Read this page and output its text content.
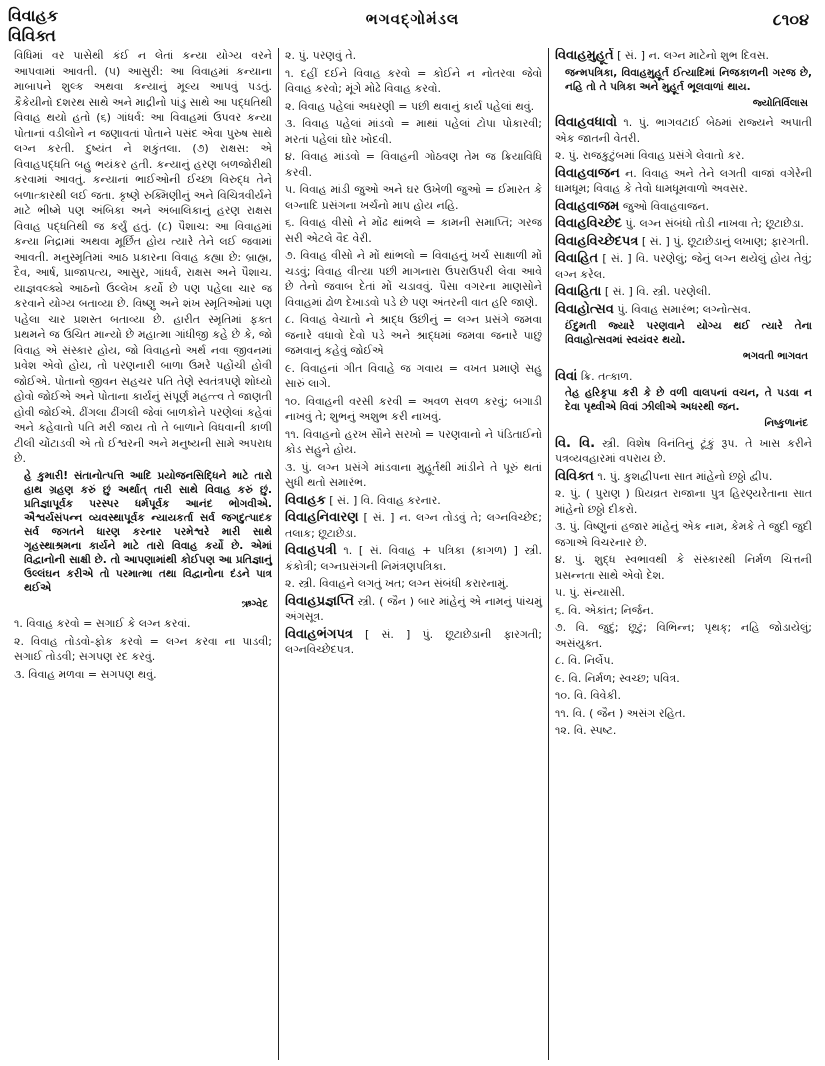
વિવાહક
વિવિક્ત
ભગવદ્ગોમંડલ	૮૧૦૪

વિધિમાં વર પાસેથી કંઈ ન લેતાં કન્યા યોગ્ય વરને આપવામાં આવતી. (૫) આસુરી: આ વિવાહમાં કન્યાના માબાપને શુલ્ક અથવા કન્યાનું મૂલ્ય આપવું પડતું. કૈકેયીનો દશરથ સાથે અને માદ્રીનો પાંડુ સાથે આ પદ્ધતિથી વિવાહ થયો હતો (૬) ગાંધર્વ: આ વિવાહમાં ઉપવર કન્યા પોતાનાં વડીલોને ન જણાવતાં પોતાને પસંદ એવા પુરુષ સાથે લગ્ન કરતી. દુષ્યંત ને શકુંતલા. (૭) રાક્ષસ: એ વિવાહપદ્ધતિ બહુ ભયંકર હતી. કન્યાનું હરણ બળજોરીથી કરવામાં આવતું. કન્યાનાં ભાઈઓની ઈચ્છા વિરુદ્ધ તેને બળાત્કારથી લઈ જતા. કૃષ્ણે રુક્મિણીનું અને વિચિત્રવીર્યને માટે ભીષ્મે પણ અંબિકા અને અંબાલિકાનું હરણ રાક્ષસ વિવાહ પદ્ધતિથી જ કર્યું હતું. (૮) પૈશાચ: આ વિવાહમાં કન્યા નિદ્રામાં અથવા મૂર્છિત હોય ત્યારે તેને લઈ જવામાં આવતી. મનુસ્મૃતિમાં આઠ પ્રકારના વિવાહ કહ્યા છે: બ્રાહ્મ, દૈવ, આર્ષ, પ્રાજાપત્ય, આસુર, ગાંધર્વ, રાક્ષસ અને પૈશાચ. યાજ્ઞવલ્ક્યે આઠનો ઉલ્લેખ કર્યો છે પણ પહેલા ચાર જ કરવાને યોગ્ય બતાવ્યા છે. વિષ્ણુ અને શંખ સ્મૃતિઓમાં પણ પહેલા ચાર પ્રશસ્ત બતાવ્યા છે. હારીત સ્મૃતિમાં ફક્ત પ્રથમને જ ઉચિત માન્યો છે મહાત્મા ગાંધીજી કહે છે કે, જો વિવાહ એ સંસ્કાર હોય, જો વિવાહનો અર્થ નવા જીવનમાં પ્રવેશ એવો હોય, તો પરણનારી બાળા ઉમરે પહોંચી હોવી જોઈએ. પોતાનો જીવન સહચર પતિ તેણે સ્વતંત્રપણે શોધ્યો હોવો જોઈએ અને પોતાના કાર્યનું સંપૂર્ણ મહત્ત્વ તે જાણતી હોવી જોઈએ. ઢીંગલા ઢીંગલી જેવાં બાળકોને પરણેલાં કહેવાં અને કહેવાતો પતિ મરી જાય તો તે બાળાને વિધવાની કાળી ટીલી ચોંટાડવી એ તો ઈશ્વરની અને મનુષ્યની સામે અપરાધ છે.

હે કુમારી! સંતાનોત્પત્તિ આદિ પ્રયોજનસિદ્ધિને માટે તારો હાથ ગ્રહણ કરું છું અર્થાત્ તારી સાથે વિવાહ કરું છું. પ્રતિજ્ઞાપૂર્વક પરસ્પર ધર્મપૂર્વક આનંદ ભોગવીએ. ઐશ્વર્યસંપન્ન વ્યવસ્થાપૂર્વક ન્યાયકર્તા સર્વ જગદુત્પાદક સર્વ જગતને ધારણ કરનાર પરમેશ્વરે મારી સાથે ગૃહસ્થાશ્રમના કાર્યને માટે તારો વિવાહ કર્યો છે. એમાં વિદ્વાનોની સાક્ષી છે. તો આપણામાંથી કોઈપણ આ પ્રતિજ્ઞાનું ઉલ્લંઘન કરીએ તો પરમાત્મા તથા વિદ્વાનોના દંડને પાત્ર થઈએ
ઋગ્વેદ

૧. વિવાહ કરવો = સગાઈ કે લગ્ન કરવાં.

૨. વિવાહ તોડવો-ફોક કરવો = લગ્ન કરવા ના પાડવી; સગાઈ તોડવી; સગપણ રદ કરવું.

૩. વિવાહ મળવા = સગપણ થવું.

૨. પું. પરણવું તે.

૧. દહીં દઈને વિવાહ કરવો = કોઈને ન નોતરવા જેવો વિવાહ કરવો; મૂંગે મોઢે વિવાહ કરવો.

૨. વિવાહ પહેલાં અધરણી = પછી થવાનું કાર્ય પહેલાં થવું.

૩. વિવાહ પહેલાં માંડવો = માથાં પહેલાં ટોપા પોકારવી; મરતાં પહેલાં ઘોર ખોદવી.

૪. વિવાહ માંડવો = વિવાહની ગોઠવણ તેમ જ ક્રિયાવિધિ કરવી.

૫. વિવાહ માંડી જુઓ અને ઘર ઉખેળી જુઓ = ઈમારત કે લગ્નાદિ પ્રસંગના ખર્ચનો માપ હોય નહિ.

૬. વિવાહ વીસો ને મોંઢ થાંભલે = કામની સમાપ્તિ; ગરજ સરી એટલે વૈદ વેરી.

૭. વિવાહ વીસો ને મોં થાંભલો = વિવાહનું ખર્ચ સાક્ષાળી મોં ચડવું; વિવાહ વીત્યા પછી માગનારા ઉપરાઉપરી લેવા આવે છે તેનો જવાબ દેતાં મોં ચડાવવું. પૈસા વગરના માણસોને વિવાહમાં ઢોળ દેખાડવો પડે છે પણ અંતરની વાત હરિ જાણે.

૮. વિવાહ વેચાતો ને શ્રાદ્ધ ઉછીનું = લગ્ન પ્રસંગે જમવા જનારે વધાવો દેવો પડે અને શ્રાદ્ધમાં જમવા જનારે પાછું જમવાનું કહેવું જોઈએ

૯. વિવાહનાં ગીત વિવાહે જ ગવાય = વખત પ્રમાણે સહુ સારું લાગે.

૧૦. વિવાહની વરસી કરવી = અવળ સવળ કરવું; બગાડી નાખવું તે; શુભનું અશુભ કરી નાખવું.

૧૧. વિવાહનો હરખ સૌને સરખો = પરણવાનો ને પંડિતાઈનો કોડ સહુને હોય.

૩. પું. લગ્ન પ્રસંગે માંડવાના મુહૂર્તથી માંડીને તે પૂરું થતાં સુધી થતો સમારંભ.

વિવાહક [ સં. ] વિ. વિવાહ કરનાર.

વિવાહનિવારણ [ સં. ] ન. લગ્ન તોડવું તે; લગ્નવિચ્છેદ; તલાક; છૂટાછેડા.

વિવાહપત્રી ૧. [ સં. વિવાહ + પત્રિકા (કાગળ) ] સ્ત્રી. કંકોત્રી; લગ્નપ્રસંગની નિમંત્રણપત્રિકા.

૨. સ્ત્રી. વિવાહને લગતું ખત; લગ્ન સંબંધી કરારનામું.

વિવાહપ્રજ્ઞપ્તિ સ્ત્રી. ( જૈન ) બાર માંહેનું એ નામનું પાંચમું અંગસૂત્ર.

વિવાહભંગપત્ર [ સં. ] પું. છૂટાછેડાની ફારગતી; લગ્નવિચ્છેદપત્ર.

વિવાહમુહૂર્ત [ સં. ] ન. લગ્ન માટેનો શુભ દિવસ.

જન્મપત્રિકા, વિવાહમુહૂર્ત ઈત્યાદિમાં નિજકાળની ગરજ છે, નહિ તો તે પત્રિકા અને મુહૂર્ત ભૂલવાળાં થાય.
જ્યોતિર્વિલાસ

વિવાહવધાવો ૧. પું. ભાગવટાઈ બેઠમાં રાજ્યને અપાતી એક જાતની વેતરી.

૨. પું. રાજકુટુંબમાં વિવાહ પ્રસંગે લેવાતો કર.

વિવાહવાજન ન. વિવાહ અને તેને લગતી વાજાં વગેરેની ધામધૂમ; વિવાહ કે તેવો ધામધૂમવાળો અવસર.

વિવાહવાજમ જુઓ વિવાહવાજન.

વિવાહવિચ્છેદ પું. લગ્ન સંબંધો તોડી નાખવા તે; છૂટાછેડા.

વિવાહવિચ્છેદપત્ર [ સં. ] પું. છૂટાછેડાનું લખાણ; ફારગતી.

વિવાહિત [ સં. ] વિ. પરણેલું; જેનું લગ્ન થયેલું હોય તેવું; લગ્ન કરેલ.

વિવાહિતા [ સં. ] વિ. સ્ત્રી. પરણેલી.

વિવાહોત્સવ પું. વિવાહ સમારંભ; લગ્નોત્સવ.

ઈંદુમતી જ્યારે પરણવાને યોગ્ય થઈ ત્યારે તેના વિવાહોત્સવમાં સ્વયંવર થયો.
ભગવતી ભાગવત

વિવાં ક્રિ. તત્કાળ.

તેહ હરિકૃપા કરી કે છે વળી વાલપનાં વચન, તે પડવા ન દેવા પૃથ્વીએ વિવાં ઝીલીએ અધરથી જન.
નિષ્કુળાનંદ

વિ. વિ. સ્ત્રી. વિશેષ વિનંતિનું ટૂંકું રૂપ. તે ખાસ કરીને પત્રવ્યવહારમાં વપરાય છે.

વિવિક્ત ૧. પું. કુશદ્વીપના સાત માંહેનો છઠ્ઠો દ્વીપ.

૨. પું. ( પુરાણ ) પ્રિયવ્રત રાજાના પુત્ર હિરણ્યરેતાના સાત માંહેનો છઠ્ઠો દીકરો.

૩. પું. વિષ્ણુનાં હજાર માંહેનું એક નામ, કેમકે તે જુદી જુદી જગાએ વિચરનાર છે.

૪. પું. શુદ્ધ સ્વભાવથી કે સંસ્કારથી નિર્મળ ચિત્તની પ્રસન્નતા સાથે એવો દેશ.

૫. પું. સંન્યાસી.

૬. વિ. એકાંત; નિર્જન.

૭. વિ. જુદું; છૂટું; વિભિન્ન; પૃથક્; નહિ જોડાયેલું; અસંયુક્ત.

૮. વિ. નિર્લેપ.

૯. વિ. નિર્મળ; સ્વચ્છ; પવિત્ર.

૧૦. વિ. વિવેકી.

૧૧. વિ. ( જૈન ) અસંગ રહિત.

૧૨. વિ. સ્પષ્ટ.
